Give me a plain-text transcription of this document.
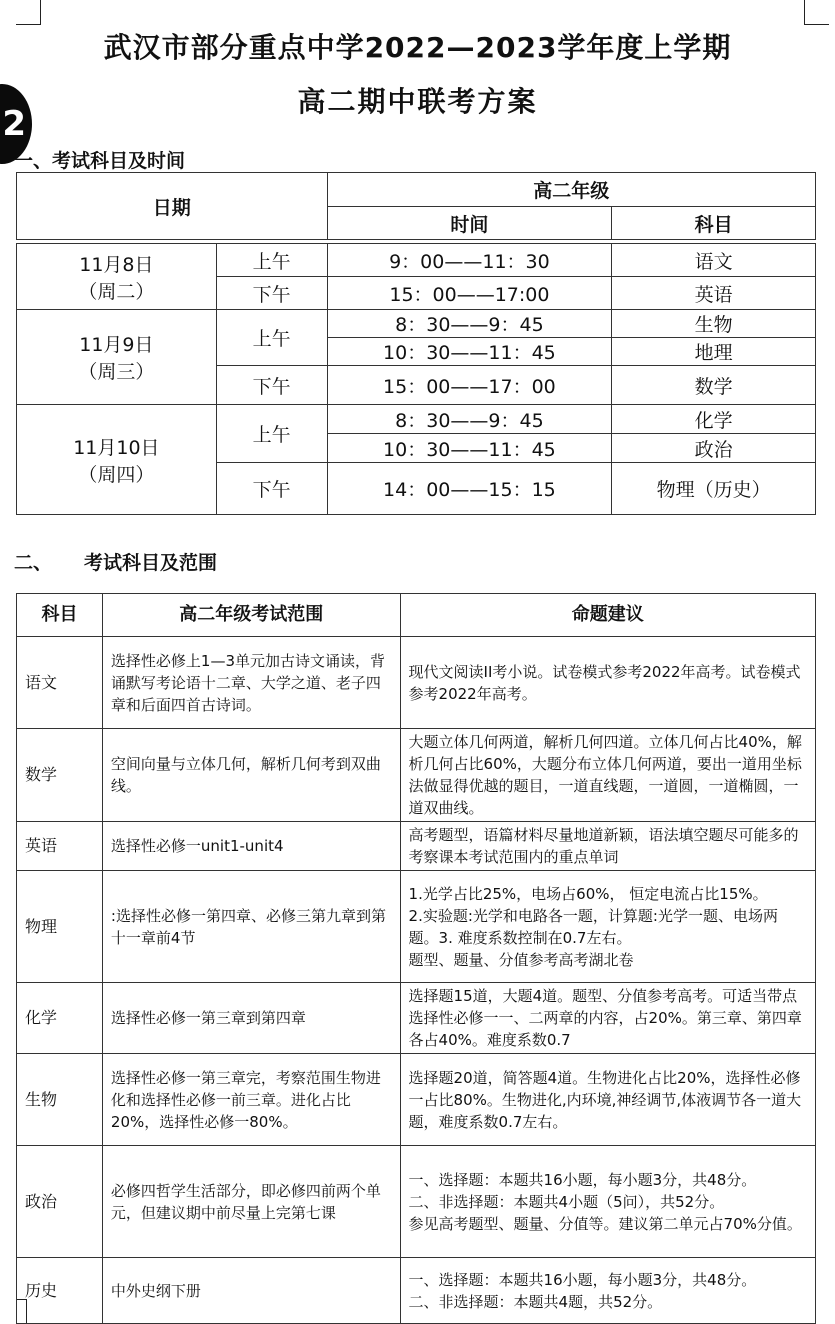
2
武汉市部分重点中学2022—2023学年度上学期
高二期中联考方案
一、考试科目及时间
日期		高二年级	
		时间	科目

11月8日
（周二）	上午	9：00——11：30	语文
	下午	15：00——17:00	英语

11月9日
（周三）	上午	8：30——9：45	生物
		10：30——11：45	地理
	下午	15：00——17：00	数学

11月10日
（周四）	上午	8：30——9：45	化学
		10：30——11：45	政治
	下午	14：00——15：15	物理（历史）
二、 考试科目及范围
科目	高二年级考试范围	命题建议
语文	选择性必修上1—3单元加古诗文诵读，背诵默写考论语十二章、大学之道、老子四章和后面四首古诗词。	现代文阅读II考小说。试卷模式参考2022年高考。试卷模式参考2022年高考。
数学	空间向量与立体几何，解析几何考到双曲线。	大题立体几何两道，解析几何四道。立体几何占比40%，解析几何占比60%，大题分布立体几何两道，要出一道用坐标法做显得优越的题目，一道直线题，一道圆，一道椭圆，一道双曲线。
英语	选择性必修一unit1-unit4	高考题型，语篇材料尽量地道新颖，语法填空题尽可能多的考察课本考试范围内的重点单词
物理	:选择性必修一第四章、必修三第九章到第十一章前4节	1.光学占比25%，电场占60%， 恒定电流占比15%。
2.实验题:光学和电路各一题，计算题:光学一题、电场两题。3. 难度系数控制在0.7左右。
题型、题量、分值参考高考湖北卷
化学	选择性必修一第三章到第四章	选择题15道，大题4道。题型、分值参考高考。可适当带点选择性必修一一、二两章的内容，占20%。第三章、第四章各占40%。难度系数0.7
生物	选择性必修一第三章完，考察范围生物进化和选择性必修一前三章。进化占比20%，选择性必修一80%。	选择题20道，简答题4道。生物进化占比20%，选择性必修一占比80%。生物进化,内环境,神经调节,体液调节各一道大题，难度系数0.7左右。
政治	必修四哲学生活部分，即必修四前两个单元，但建议期中前尽量上完第七课	一、选择题：本题共16小题，每小题3分，共48分。
二、非选择题：本题共4小题（5问），共52分。
参见高考题型、题量、分值等。建议第二单元占70%分值。
历史	中外史纲下册	一、选择题：本题共16小题，每小题3分，共48分。
二、非选择题：本题共4题，共52分。
